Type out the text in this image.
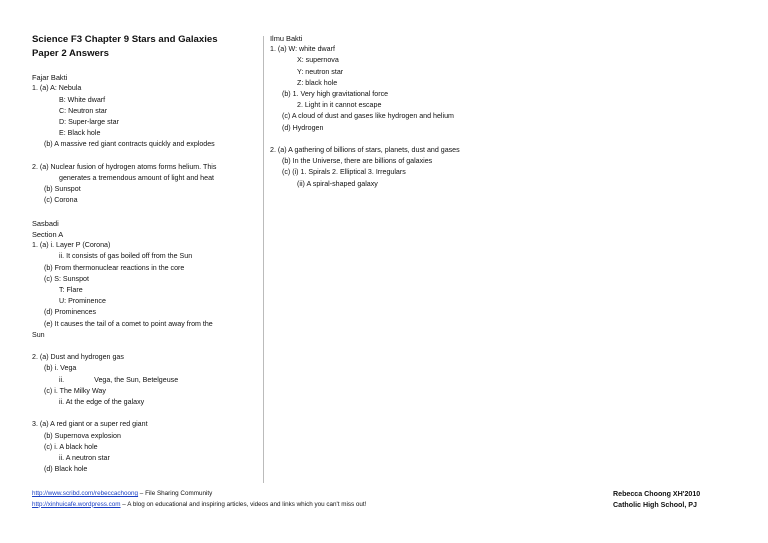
Science F3 Chapter 9 Stars and Galaxies
Paper 2 Answers
Fajar Bakti
1. (a) A: Nebula
B: White dwarf
C: Neutron star
D: Super-large star
E: Black hole
(b) A massive red giant contracts quickly and explodes
2. (a) Nuclear fusion of hydrogen atoms forms helium. This
generates a tremendous amount of light and heat
(b) Sunspot
(c) Corona
Sasbadi
Section A
1. (a) i. Layer P (Corona)
ii. It consists of gas boiled off from the Sun
(b) From thermonuclear reactions in the core
(c) S: Sunspot
T: Flare
U: Prominence
(d) Prominences
(e) It causes the tail of a comet to point away from the
Sun
2. (a) Dust and hydrogen gas
(b) i. Vega
ii.	Vega, the Sun, Betelgeuse
(c) i. The Milky Way
ii. At the edge of the galaxy
3. (a) A red giant or a super red giant
(b) Supernova explosion
(c) i. A black hole
ii. A neutron star
(d) Black hole
Ilmu Bakti
1. (a) W: white dwarf
X: supernova
Y: neutron star
Z: black hole
(b) 1. Very high gravitational force
2. Light in it cannot escape
(c) A cloud of dust and gases like hydrogen and helium
(d) Hydrogen
2. (a) A gathering of billions of stars, planets, dust and gases
(b) In the Universe, there are billions of galaxies
(c) (i) 1. Spirals 2. Elliptical 3. Irregulars
(ii) A spiral-shaped galaxy
http://www.scribd.com/rebeccachoong – File Sharing Community
http://xinhuicafe.wordpress.com – A blog on educational and inspiring articles, videos and links which you can't miss out!
Rebecca Choong XH'2010
Catholic High School, PJ
